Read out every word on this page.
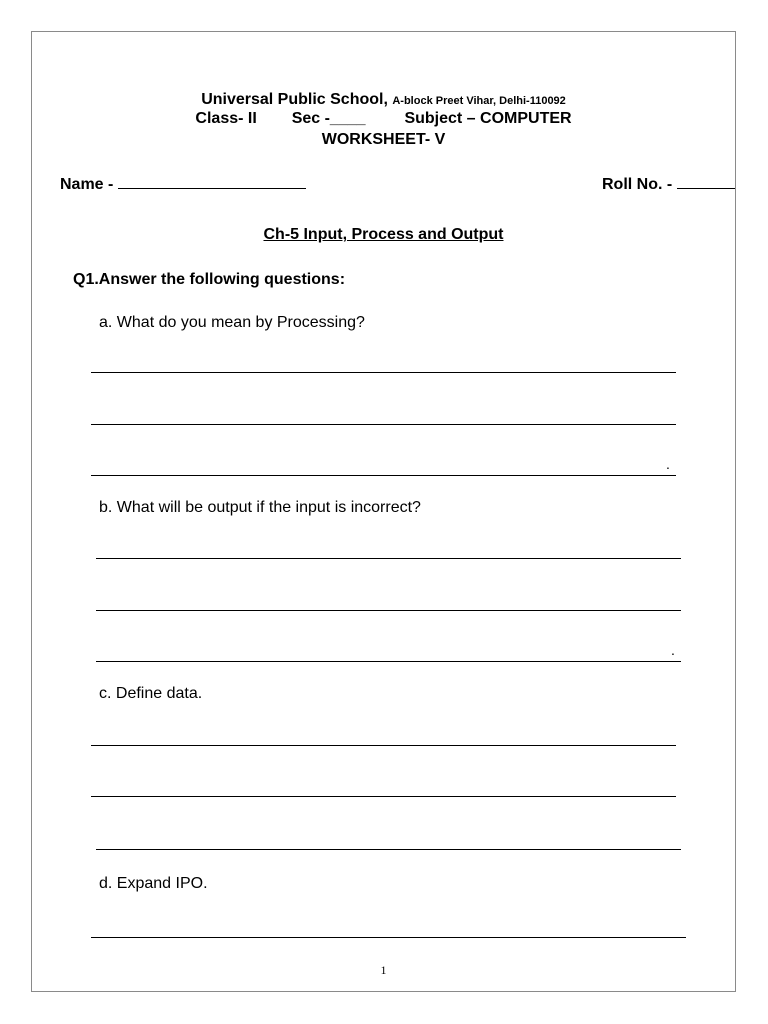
Universal Public School, A-block Preet Vihar, Delhi-110092
Class- II Sec -____ Subject – COMPUTER
WORKSHEET- V
Name -	Roll No. -
Ch-5 Input, Process and Output
Q1.Answer the following questions:
a. What do you mean by Processing?
.
b. What will be output if the input is incorrect?
.
c. Define data.
d. Expand IPO.
1
